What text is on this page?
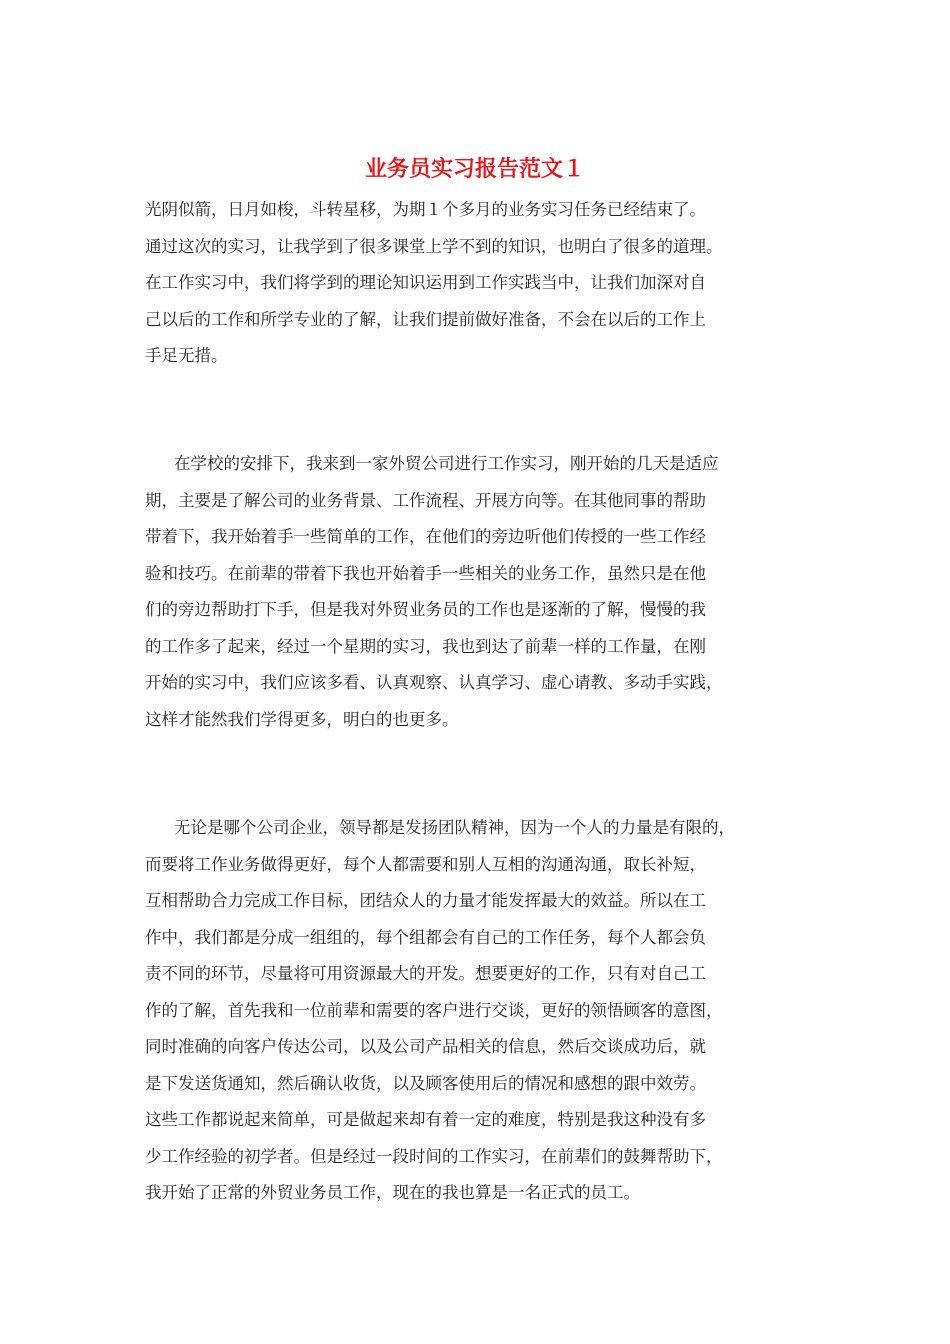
业务员实习报告范文１
光阴似箭，日月如梭，斗转星移，为期１个多月的业务实习任务已经结束了。
通过这次的实习，让我学到了很多课堂上学不到的知识，也明白了很多的道理。
在工作实习中，我们将学到的理论知识运用到工作实践当中，让我们加深对自
己以后的工作和所学专业的了解，让我们提前做好准备，不会在以后的工作上
手足无措。
在学校的安排下，我来到一家外贸公司进行工作实习，刚开始的几天是适应
期，主要是了解公司的业务背景、工作流程、开展方向等。在其他同事的帮助
带着下，我开始着手一些简单的工作，在他们的旁边听他们传授的一些工作经
验和技巧。在前辈的带着下我也开始着手一些相关的业务工作，虽然只是在他
们的旁边帮助打下手，但是我对外贸业务员的工作也是逐渐的了解，慢慢的我
的工作多了起来，经过一个星期的实习，我也到达了前辈一样的工作量，在刚
开始的实习中，我们应该多看、认真观察、认真学习、虚心请教、多动手实践，
这样才能然我们学得更多，明白的也更多。
无论是哪个公司企业，领导都是发扬团队精神，因为一个人的力量是有限的，
而要将工作业务做得更好，每个人都需要和别人互相的沟通沟通，取长补短，
互相帮助合力完成工作目标，团结众人的力量才能发挥最大的效益。所以在工
作中，我们都是分成一组组的，每个组都会有自己的工作任务，每个人都会负
责不同的环节，尽量将可用资源最大的开发。想要更好的工作，只有对自己工
作的了解，首先我和一位前辈和需要的客户进行交谈，更好的领悟顾客的意图，
同时准确的向客户传达公司，以及公司产品相关的信息，然后交谈成功后，就
是下发送货通知，然后确认收货，以及顾客使用后的情况和感想的跟中效劳。
这些工作都说起来简单，可是做起来却有着一定的难度，特别是我这种没有多
少工作经验的初学者。但是经过一段时间的工作实习，在前辈们的鼓舞帮助下，
我开始了正常的外贸业务员工作，现在的我也算是一名正式的员工。
